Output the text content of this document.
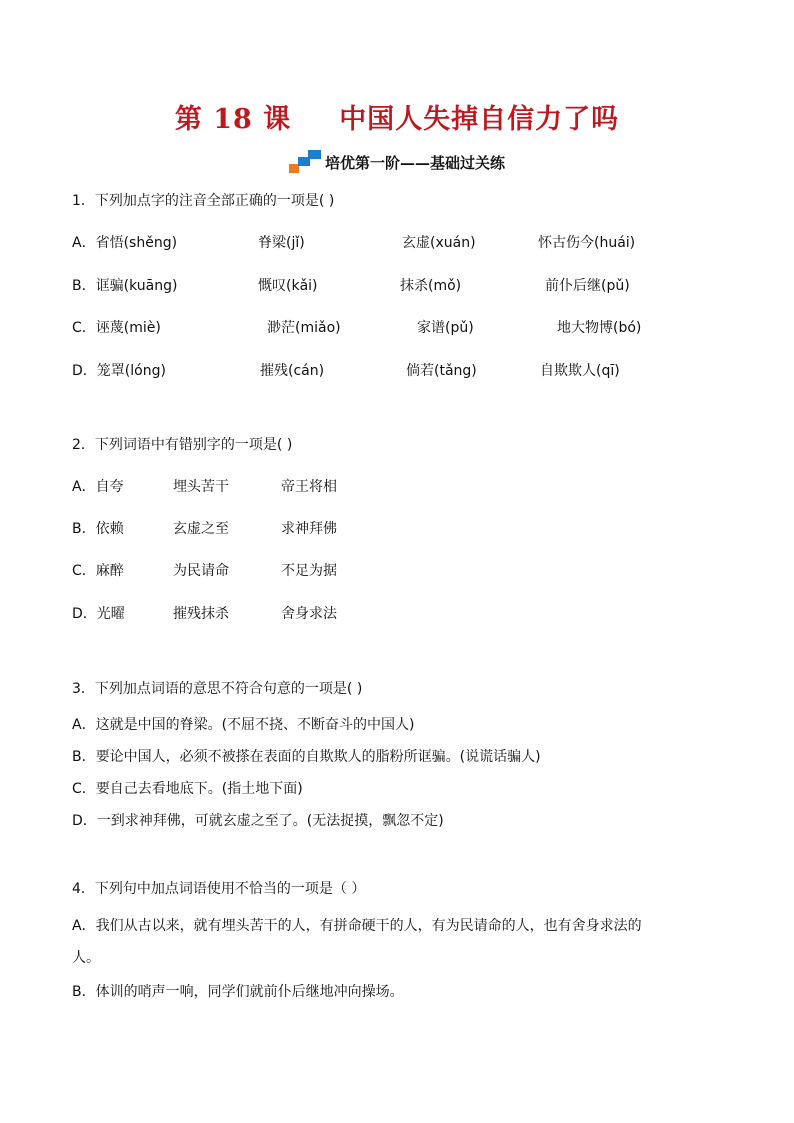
第 18 课 中国人失掉自信力了吗
培优第一阶——基础过关练
1．下列加点字的注音全部正确的一项是( )
A．省悟(shěng)	脊梁(jǐ)	玄虚(xuán)	怀古伤今(huái)
B．诓骗(kuāng)	慨叹(kǎi)	抹杀(mǒ)	前仆后继(pǔ)
C．诬蔑(miè)	渺茫(miǎo)	家谱(pǔ)	地大物博(bó)
D．笼罩(lóng)	摧残(cán)	倘若(tǎng)	自欺欺人(qī)
2．下列词语中有错别字的一项是( )
A．自夸	埋头苦干	帝王将相
B．依赖	玄虚之至	求神拜佛
C．麻醉	为民请命	不足为据
D．光曜	摧残抹杀	舍身求法
3．下列加点词语的意思不符合句意的一项是( )
A．这就是中国的脊梁。(不屈不挠、不断奋斗的中国人)
B．要论中国人，必须不被搽在表面的自欺欺人的脂粉所诓骗。(说谎话骗人)
C．要自己去看地底下。(指土地下面)
D．一到求神拜佛，可就玄虚之至了。(无法捉摸，飘忽不定)
4．下列句中加点词语使用不恰当的一项是（ ）
A．我们从古以来，就有埋头苦干的人，有拼命硬干的人，有为民请命的人，也有舍身求法的
人。
B．体训的哨声一响，同学们就前仆后继地冲向操场。
